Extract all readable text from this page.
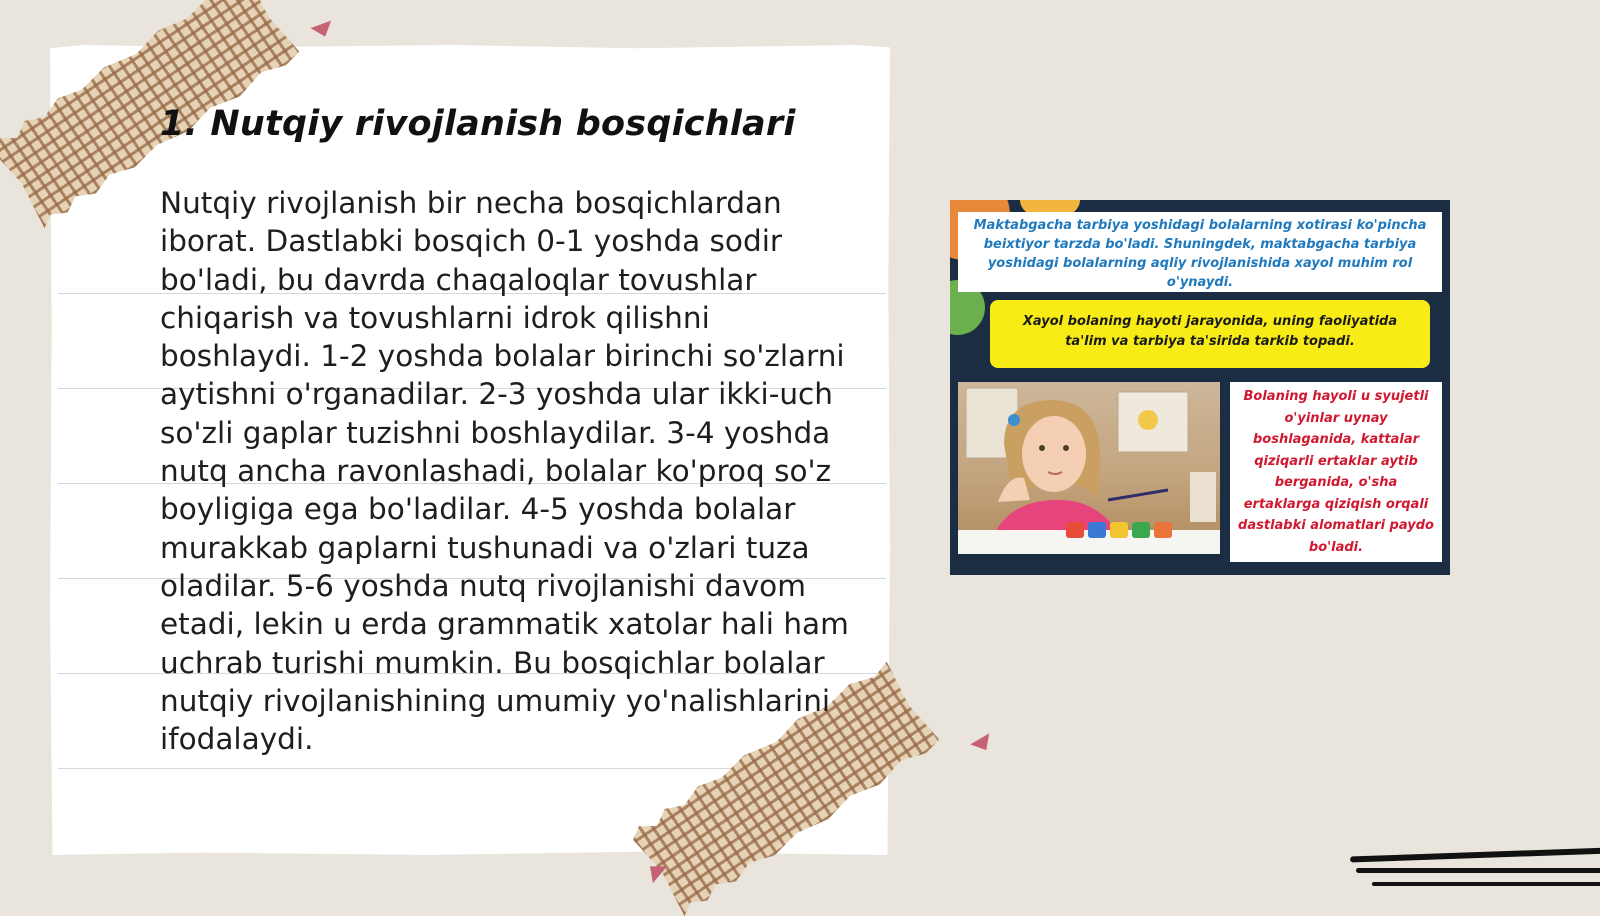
1. Nutqiy rivojlanish bosqichlari

Nutqiy rivojlanish bir necha bosqichlardan iborat. Dastlabki bosqich 0-1 yoshda sodir bo'ladi, bu davrda chaqaloqlar tovushlar chiqarish va tovushlarni idrok qilishni boshlaydi. 1-2 yoshda bolalar birinchi so'zlarni aytishni o'rganadilar. 2-3 yoshda ular ikki-uch so'zli gaplar tuzishni boshlaydilar. 3-4 yoshda nutq ancha ravonlashadi, bolalar ko'proq so'z boyligiga ega bo'ladilar. 4-5 yoshda bolalar murakkab gaplarni tushunadi va o'zlari tuza oladilar. 5-6 yoshda nutq rivojlanishi davom etadi, lekin u erda grammatik xatolar hali ham uchrab turishi mumkin. Bu bosqichlar bolalar nutqiy rivojlanishining umumiy yo'nalishlarini ifodalaydi.

Maktabgacha tarbiya yoshidagi bolalarning xotirasi ko'pincha beixtiyor tarzda bo'ladi. Shuningdek, maktabgacha tarbiya yoshidagi bolalarning aqliy rivojlanishida xayol muhim rol o'ynaydi.
Xayol bolaning hayoti jarayonida, uning faoliyatida ta'lim va tarbiya ta'sirida tarkib topadi.
Bolaning hayoli u syujetli o'yinlar uynay boshlaganida, kattalar qiziqarli ertaklar aytib berganida, o'sha ertaklarga qiziqish orqali dastlabki alomatlari paydo bo'ladi.
